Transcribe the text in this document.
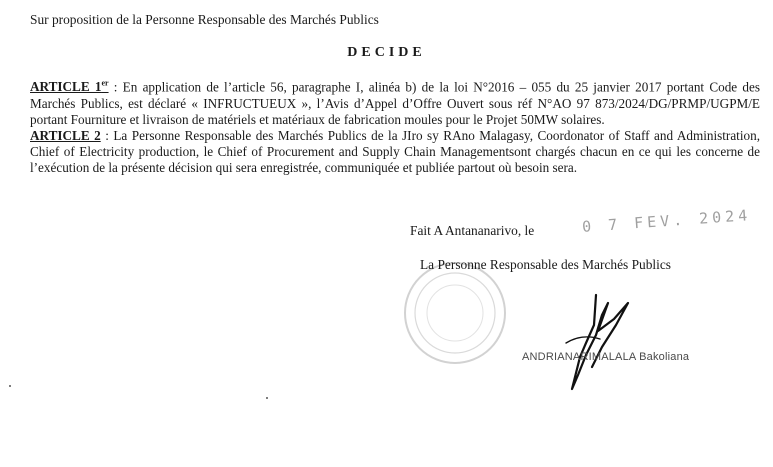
Sur proposition de la Personne Responsable des Marchés Publics
DECIDE

ARTICLE 1er : En application de l’article 56, paragraphe I, alinéa b) de la loi N°2016 – 055 du 25 janvier 2017 portant Code des Marchés Publics, est déclaré « INFRUCTUEUX », l’Avis d’Appel d’Offre Ouvert sous réf N°AO 97 873/2024/DG/PRMP/UGPM/E portant Fourniture et livraison de matériels et matériaux de fabrication moules pour le Projet 50MW solaires.

ARTICLE 2 : La Personne Responsable des Marchés Publics de la JIro sy RAno Malagasy, Coordonator of Staff and Administration, Chief of Electricity production, le Chief of Procurement and Supply Chain Managementsont chargés chacun en ce qui les concerne de l’exécution de la présente décision qui sera enregistrée, communiquée et publiée partout où besoin sera.

Fait A Antananarivo, le	0 7 FEV. 2024
La Personne Responsable des Marchés Publics
ANDRIANARIMALALA Bakoliana
